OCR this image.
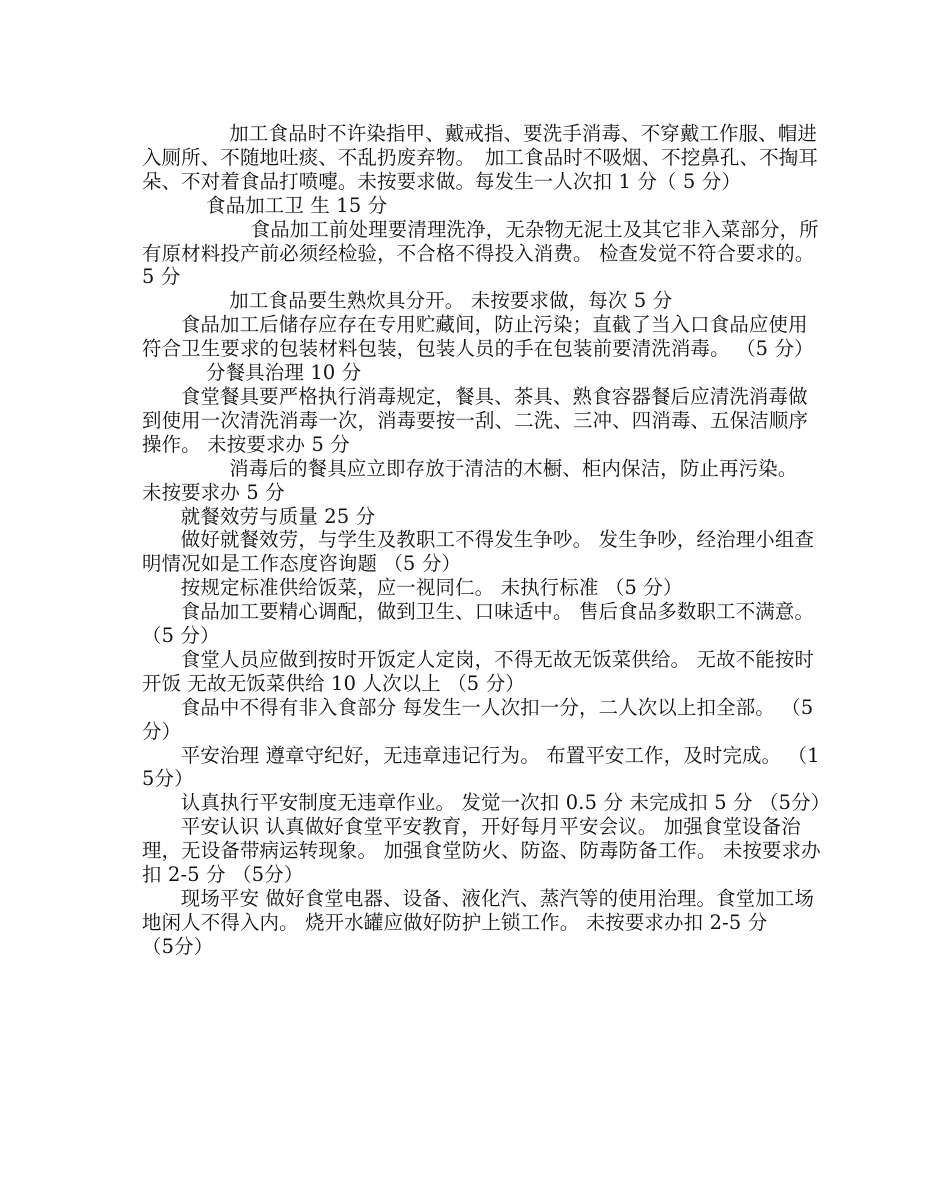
加工食品时不许染指甲、戴戒指、要洗手消毒、不穿戴工作服、帽进入厕所、不随地吐痰、不乱扔废弃物。　加工食品时不吸烟、不挖鼻孔、不掏耳朵、不对着食品打喷嚏。未按要求做。每发生一人次扣 1 分（ 5 分）

食品加工卫 生 15 分

食品加工前处理要清理洗净，无杂物无泥土及其它非入菜部分，所有原材料投产前必须经检验，不合格不得投入消费。 检查发觉不符合要求的。 5 分

加工食品要生熟炊具分开。 未按要求做，每次 5 分

食品加工后储存应存在专用贮藏间，防止污染；直截了当入口食品应使用符合卫生要求的包装材料包装，包装人员的手在包装前要清洗消毒。 （5 分）

分餐具治理 10 分

食堂餐具要严格执行消毒规定，餐具、茶具、熟食容器餐后应清洗消毒做到使用一次清洗消毒一次，消毒要按一刮、二洗、三冲、四消毒、五保洁顺序操作。 未按要求办 5 分

消毒后的餐具应立即存放于清洁的木橱、柜内保洁，防止再污染。 未按要求办 5 分

就餐效劳与质量 25 分

做好就餐效劳，与学生及教职工不得发生争吵。 发生争吵，经治理小组查明情况如是工作态度咨询题 （5 分）

按规定标准供给饭菜，应一视同仁。 未执行标准 （5 分）

食品加工要精心调配，做到卫生、口味适中。 售后食品多数职工不满意。 （5 分）

食堂人员应做到按时开饭定人定岗，不得无故无饭菜供给。 无故不能按时开饭 无故无饭菜供给 10 人次以上 （5 分）

食品中不得有非入食部分 每发生一人次扣一分，二人次以上扣全部。 （5 分）

平安治理 遵章守纪好，无违章违记行为。 布置平安工作，及时完成。 （15分）

认真执行平安制度无违章作业。 发觉一次扣 0.5 分 未完成扣 5 分 （5分）

平安认识 认真做好食堂平安教育，开好每月平安会议。 加强食堂设备治理，无设备带病运转现象。 加强食堂防火、防盗、防毒防备工作。 未按要求办扣 2-5 分 （5分）

现场平安 做好食堂电器、设备、液化汽、蒸汽等的使用治理。食堂加工场地闲人不得入内。 烧开水罐应做好防护上锁工作。 未按要求办扣 2-5 分　　　（5分）
